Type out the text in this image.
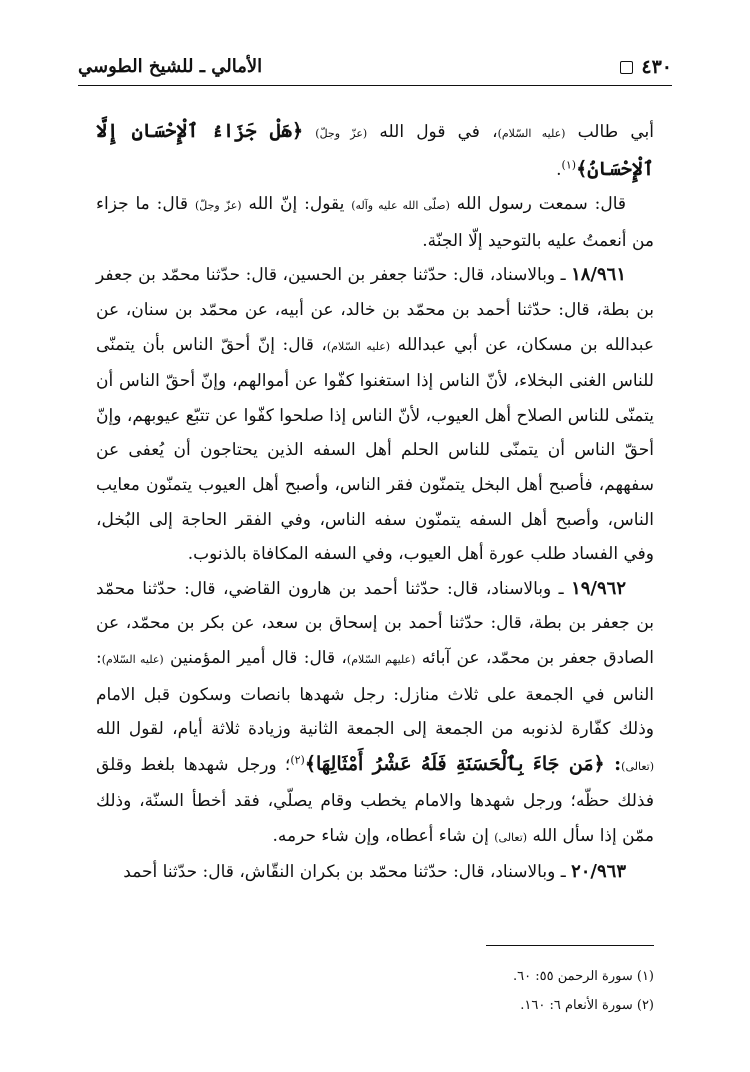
٤٣٠
الأمالي ـ للشيخ الطوسي

أبي طالب (عليه السّلام)، في قول الله (عزّ وجلّ) ﴿هَلْ جَزَاءُ ٱلْإِحْسَانِ إِلَّا ٱلْإِحْسَانُ﴾$^{(١)}$.

قال: سمعت رسول الله (صلّى الله عليه وآله) يقول: إنّ الله (عزّ وجلّ) قال: ما جزاء من أنعمتُ عليه بالتوحيد إلّا الجنّة.

١٨/٩٦١ ـ وبالاسناد، قال: حدّثنا جعفر بن الحسين، قال: حدّثنا محمّد بن جعفر بن بطة، قال: حدّثنا أحمد بن محمّد بن خالد، عن أبيه، عن محمّد بن سنان، عن عبدالله بن مسكان، عن أبي عبدالله (عليه السّلام)، قال: إنّ أحقّ الناس بأن يتمنّى للناس الغنى البخلاء، لأنّ الناس إذا استغنوا كفّوا عن أموالهم، وإنّ أحقّ الناس أن يتمنّى للناس الصلاح أهل العيوب، لأنّ الناس إذا صلحوا كفّوا عن تتبّع عيوبهم، وإنّ أحقّ الناس أن يتمنّى للناس الحلم أهل السفه الذين يحتاجون أن يُعفى عن سفههم، فأصبح أهل البخل يتمنّون فقر الناس، وأصبح أهل العيوب يتمنّون معايب الناس، وأصبح أهل السفه يتمنّون سفه الناس، وفي الفقر الحاجة إلى البُخل، وفي الفساد طلب عورة أهل العيوب، وفي السفه المكافاة بالذنوب.

١٩/٩٦٢ ـ وبالاسناد، قال: حدّثنا أحمد بن هارون القاضي، قال: حدّثنا محمّد بن جعفر بن بطة، قال: حدّثنا أحمد بن إسحاق بن سعد، عن بكر بن محمّد، عن الصادق جعفر بن محمّد، عن آبائه (عليهم السّلام)، قال: قال أمير المؤمنين (عليه السّلام): الناس في الجمعة على ثلاث منازل: رجل شهدها بانصات وسكون قبل الامام وذلك كفّارة لذنوبه من الجمعة إلى الجمعة الثانية وزيادة ثلاثة أيام، لقول الله (تعالى): ﴿مَن جَاءَ بِٱلْحَسَنَةِ فَلَهُ عَشْرُ أَمْثَالِهَا﴾$^{(٢)}$؛ ورجل شهدها بلغط وقلق فذلك حظّه؛ ورجل شهدها والامام يخطب وقام يصلّي، فقد أخطأ السنّة، وذلك ممّن إذا سأل الله (تعالى) إن شاء أعطاه، وإن شاء حرمه.

٢٠/٩٦٣ ـ وبالاسناد، قال: حدّثنا محمّد بن بكران النقّاش، قال: حدّثنا أحمد

(١) سورة الرحمن ٥٥: ٦٠.
(٢) سورة الأنعام ٦: ١٦٠.
